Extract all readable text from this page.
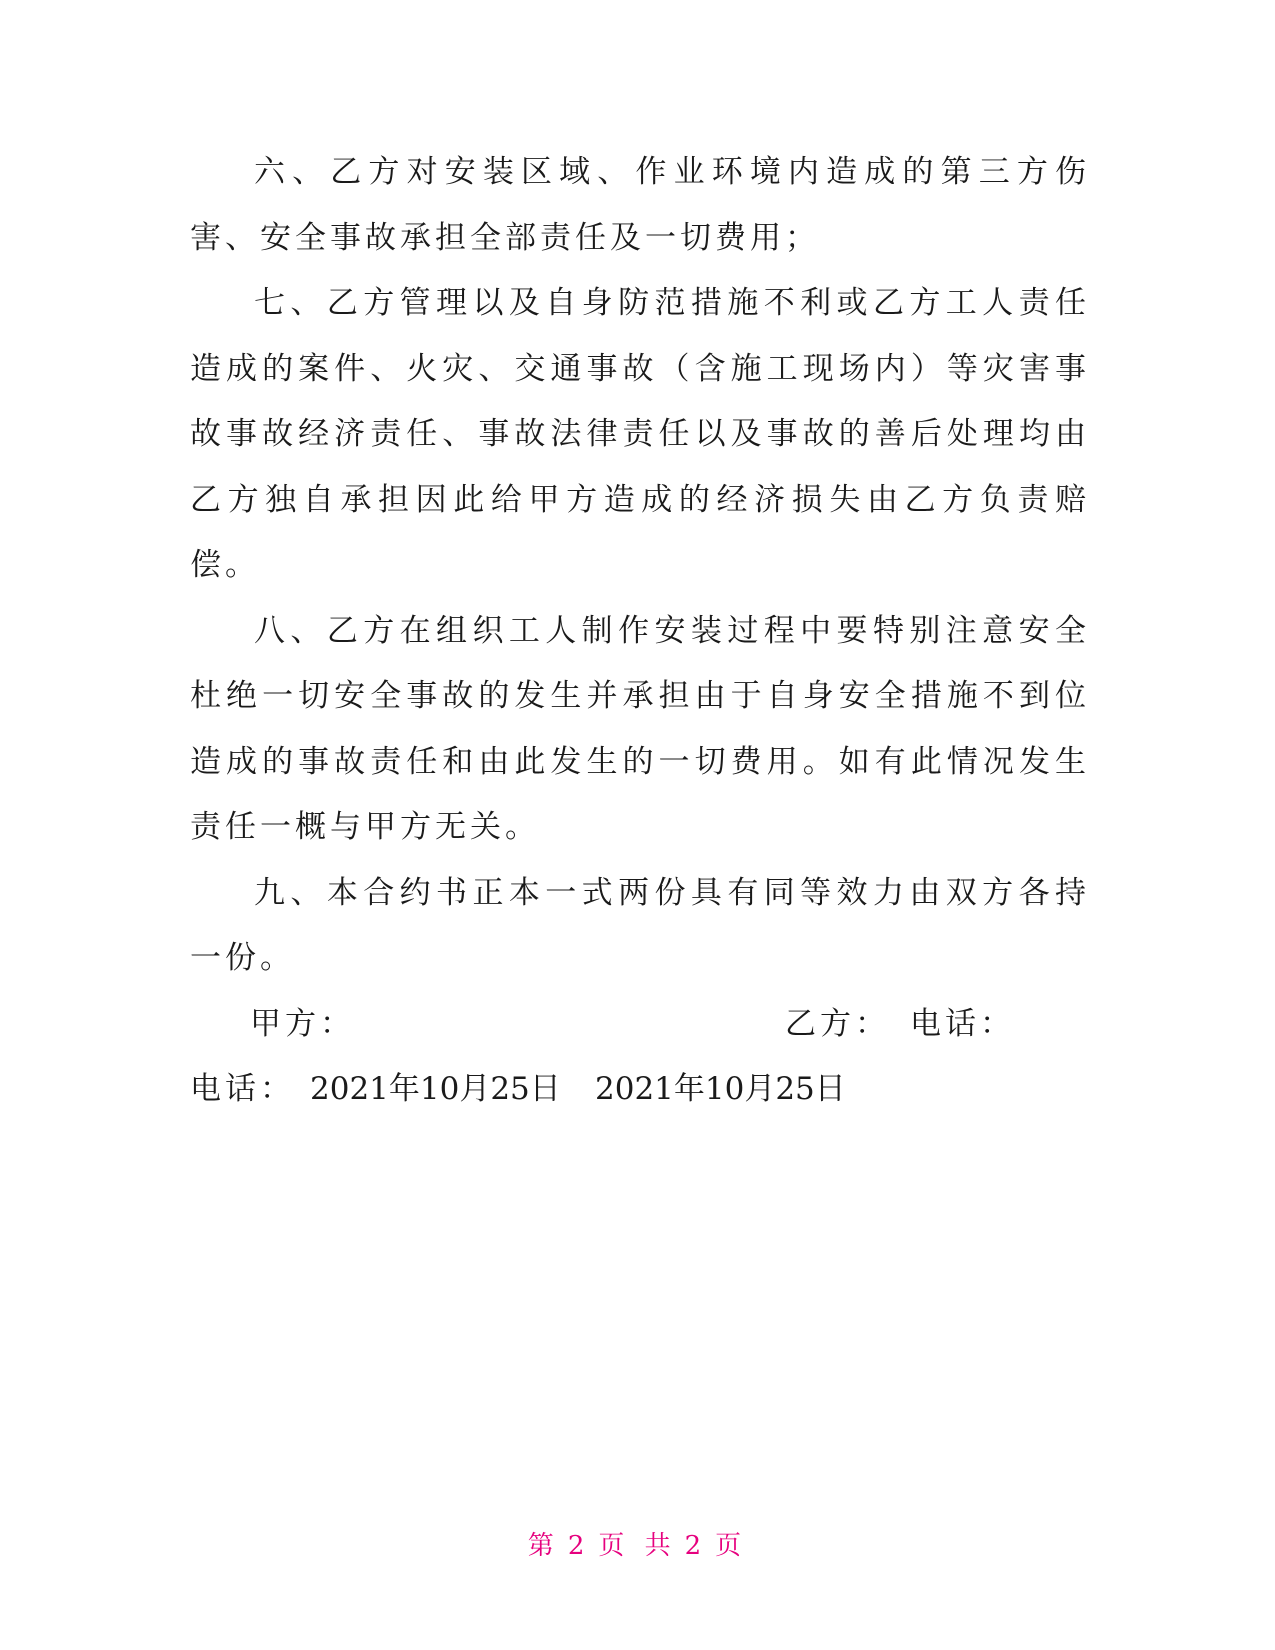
六、乙方对安装区域、作业环境内造成的第三方伤害、安全事故承担全部责任及一切费用；

七、乙方管理以及自身防范措施不利或乙方工人责任造成的案件、火灾、交通事故（含施工现场内）等灾害事故事故经济责任、事故法律责任以及事故的善后处理均由乙方独自承担因此给甲方造成的经济损失由乙方负责赔偿。

八、乙方在组织工人制作安装过程中要特别注意安全杜绝一切安全事故的发生并承担由于自身安全措施不到位造成的事故责任和由此发生的一切费用。如有此情况发生责任一概与甲方无关。

九、本合约书正本一式两份具有同等效力由双方各持一份。

甲方：	乙方： 电话：
电话： 2021年10月25日 2021年10月25日
第 2 页 共 2 页
